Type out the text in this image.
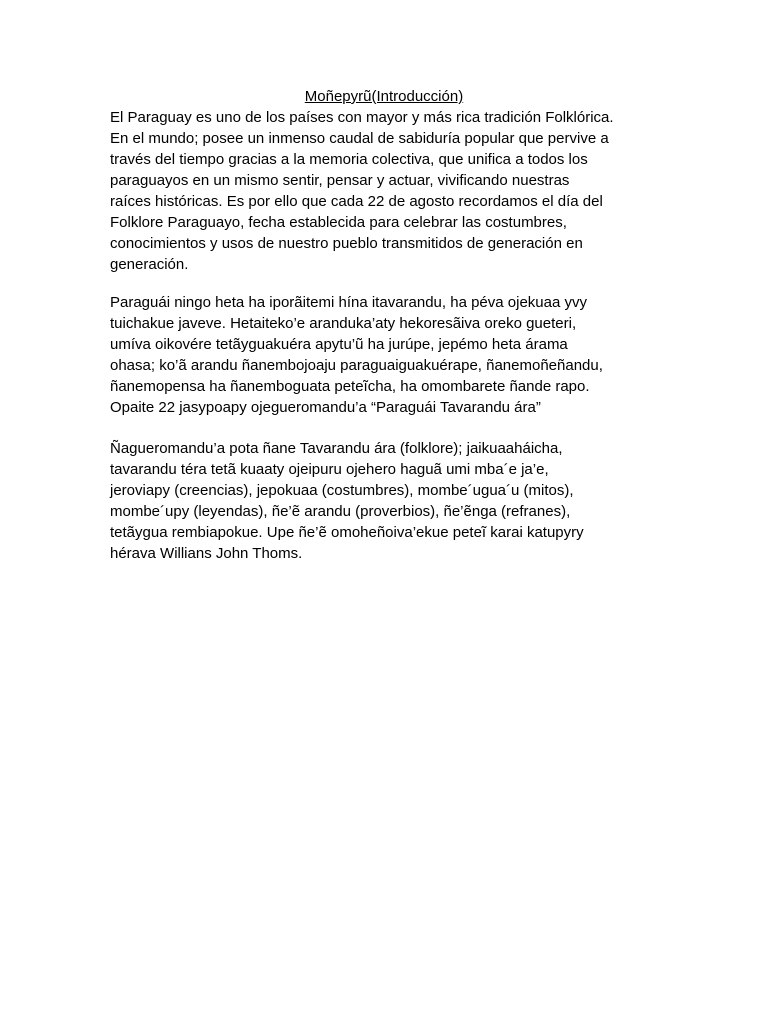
Moñepyrũ(Introducción)

El Paraguay es uno de los países con mayor y más rica tradición Folklórica.
En el mundo; posee un inmenso caudal de sabiduría popular que pervive a
través del tiempo gracias a la memoria colectiva, que unifica a todos los
paraguayos en un mismo sentir, pensar y actuar, vivificando nuestras
raíces históricas. Es por ello que cada 22 de agosto recordamos el día del
Folklore Paraguayo, fecha establecida para celebrar las costumbres,
conocimientos y usos de nuestro pueblo transmitidos de generación en
generación.

Paraguái ningo heta ha iporãitemi hína itavarandu, ha péva ojekuaa yvy
tuichakue javeve. Hetaiteko’e aranduka’aty hekoresãiva oreko gueteri,
umíva oikovére tetãyguakuéra apytu’ũ ha jurúpe, jepémo heta árama
ohasa; ko’ã arandu ñanembojoaju paraguaiguakuérape, ñanemoñeñandu,
ñanemopensa ha ñanemboguata peteĩcha, ha omombarete ñande rapo.
Opaite 22 jasypoapy ojegueromandu’a “Paraguái Tavarandu ára”

Ñagueromandu’a pota ñane Tavarandu ára (folklore); jaikuaaháicha,
tavarandu téra tetã kuaaty ojeipuru ojehero haguã umi mba´e ja’e,
jeroviapy (creencias), jepokuaa (costumbres), mombe´ugua´u (mitos),
mombe´upy (leyendas), ñe’ẽ arandu (proverbios), ñe’ẽnga (refranes),
tetãygua rembiapokue. Upe ñe’ẽ omoheñoiva’ekue peteĩ karai katupyry
hérava Willians John Thoms.
